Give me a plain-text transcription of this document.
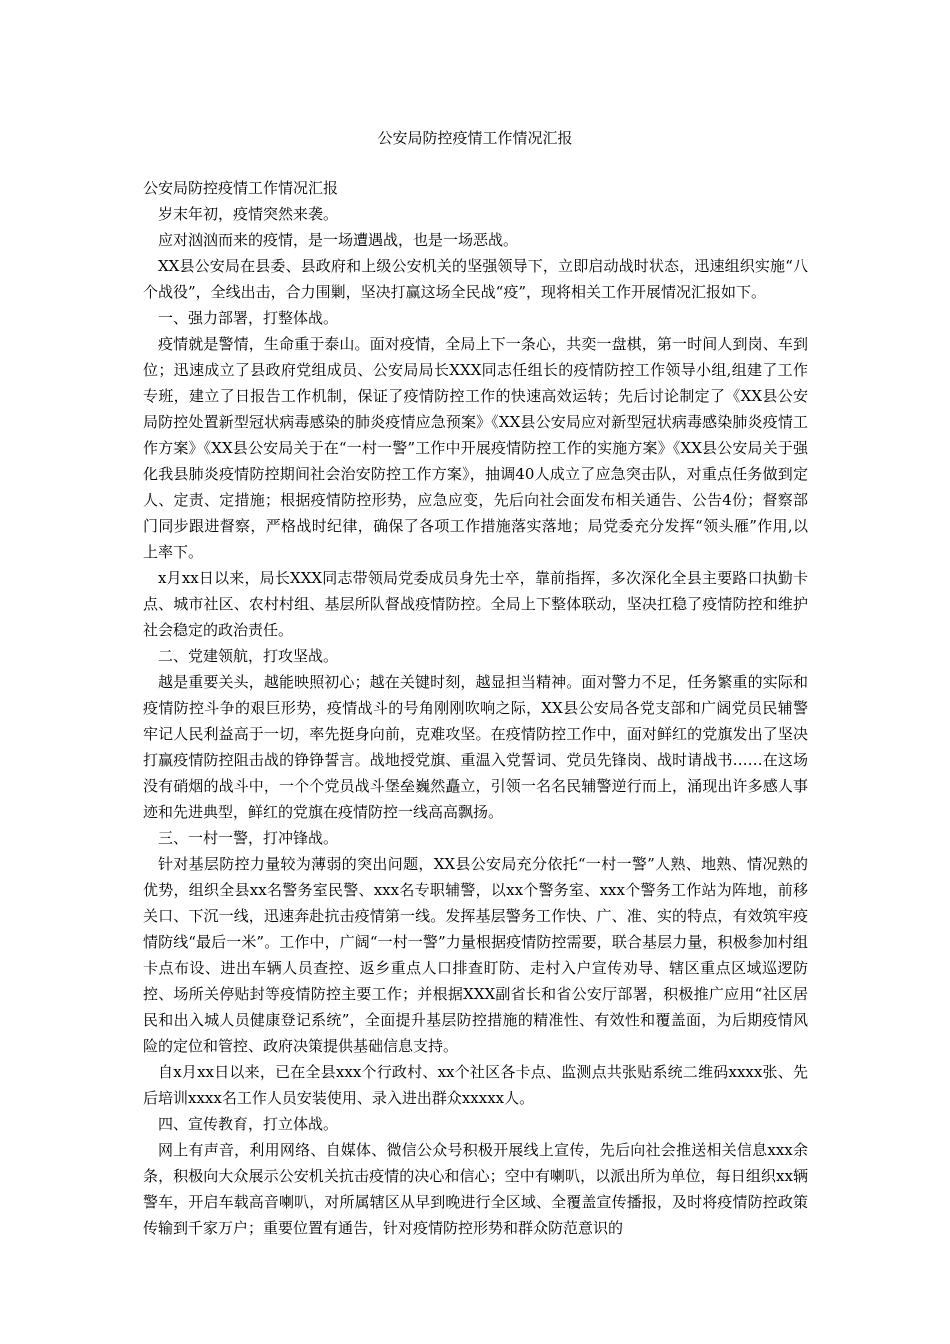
公安局防控疫情工作情况汇报

公安局防控疫情工作情况汇报

岁末年初，疫情突然来袭。

应对汹汹而来的疫情，是一场遭遇战，也是一场恶战。

XX县公安局在县委、县政府和上级公安机关的坚强领导下，立即启动战时状态，迅速组织实施“八个战役”，全线出击，合力围剿，坚决打赢这场全民战“疫”，现将相关工作开展情况汇报如下。

一、强力部署，打整体战。

疫情就是警情，生命重于泰山。面对疫情，全局上下一条心，共奕一盘棋，第一时间人到岗、车到位；迅速成立了县政府党组成员、公安局局长XXX同志任组长的疫情防控工作领导小组,组建了工作专班，建立了日报告工作机制，保证了疫情防控工作的快速高效运转；先后讨论制定了《XX县公安局防控处置新型冠状病毒感染的肺炎疫情应急预案》《XX县公安局应对新型冠状病毒感染肺炎疫情工作方案》《XX县公安局关于在“一村一警”工作中开展疫情防控工作的实施方案》《XX县公安局关于强化我县肺炎疫情防控期间社会治安防控工作方案》，抽调40人成立了应急突击队，对重点任务做到定人、定责、定措施；根据疫情防控形势，应急应变，先后向社会面发布相关通告、公告4份；督察部门同步跟进督察，严格战时纪律，确保了各项工作措施落实落地；局党委充分发挥“领头雁”作用,以上率下。

x月xx日以来，局长XXX同志带领局党委成员身先士卒，靠前指挥，多次深化全县主要路口执勤卡点、城市社区、农村村组、基层所队督战疫情防控。全局上下整体联动，坚决扛稳了疫情防控和维护社会稳定的政治责任。

二、党建领航，打攻坚战。

越是重要关头，越能映照初心；越在关键时刻，越显担当精神。面对警力不足，任务繁重的实际和疫情防控斗争的艰巨形势，疫情战斗的号角刚刚吹响之际，XX县公安局各党支部和广阔党员民辅警牢记人民利益高于一切，率先挺身向前，克难攻坚。在疫情防控工作中，面对鲜红的党旗发出了坚决打赢疫情防控阻击战的铮铮誓言。战地授党旗、重温入党誓词、党员先锋岗、战时请战书……在这场没有硝烟的战斗中，一个个党员战斗堡垒巍然矗立，引领一名名民辅警逆行而上，涌现出许多感人事迹和先进典型，鲜红的党旗在疫情防控一线高高飘扬。

三、一村一警，打冲锋战。

针对基层防控力量较为薄弱的突出问题，XX县公安局充分依托“一村一警”人熟、地熟、情况熟的优势，组织全县xx名警务室民警、xxx名专职辅警，以xx个警务室、xxx个警务工作站为阵地，前移关口、下沉一线，迅速奔赴抗击疫情第一线。发挥基层警务工作快、广、准、实的特点，有效筑牢疫情防线“最后一米”。工作中，广阔“一村一警”力量根据疫情防控需要，联合基层力量，积极参加村组卡点布设、进出车辆人员查控、返乡重点人口排查盯防、走村入户宣传劝导、辖区重点区域巡逻防控、场所关停贴封等疫情防控主要工作；并根据XXX副省长和省公安厅部署，积极推广应用“社区居民和出入城人员健康登记系统”，全面提升基层防控措施的精准性、有效性和覆盖面，为后期疫情风险的定位和管控、政府决策提供基础信息支持。

自x月xx日以来，已在全县xxx个行政村、xx个社区各卡点、监测点共张贴系统二维码xxxx张、先后培训xxxx名工作人员安装使用、录入进出群众xxxxx人。

四、宣传教育，打立体战。

网上有声音，利用网络、自媒体、微信公众号积极开展线上宣传，先后向社会推送相关信息xxx余条，积极向大众展示公安机关抗击疫情的决心和信心；空中有喇叭，以派出所为单位，每日组织xx辆警车，开启车载高音喇叭，对所属辖区从早到晚进行全区域、全覆盖宣传播报，及时将疫情防控政策传输到千家万户；重要位置有通告，针对疫情防控形势和群众防范意识的
